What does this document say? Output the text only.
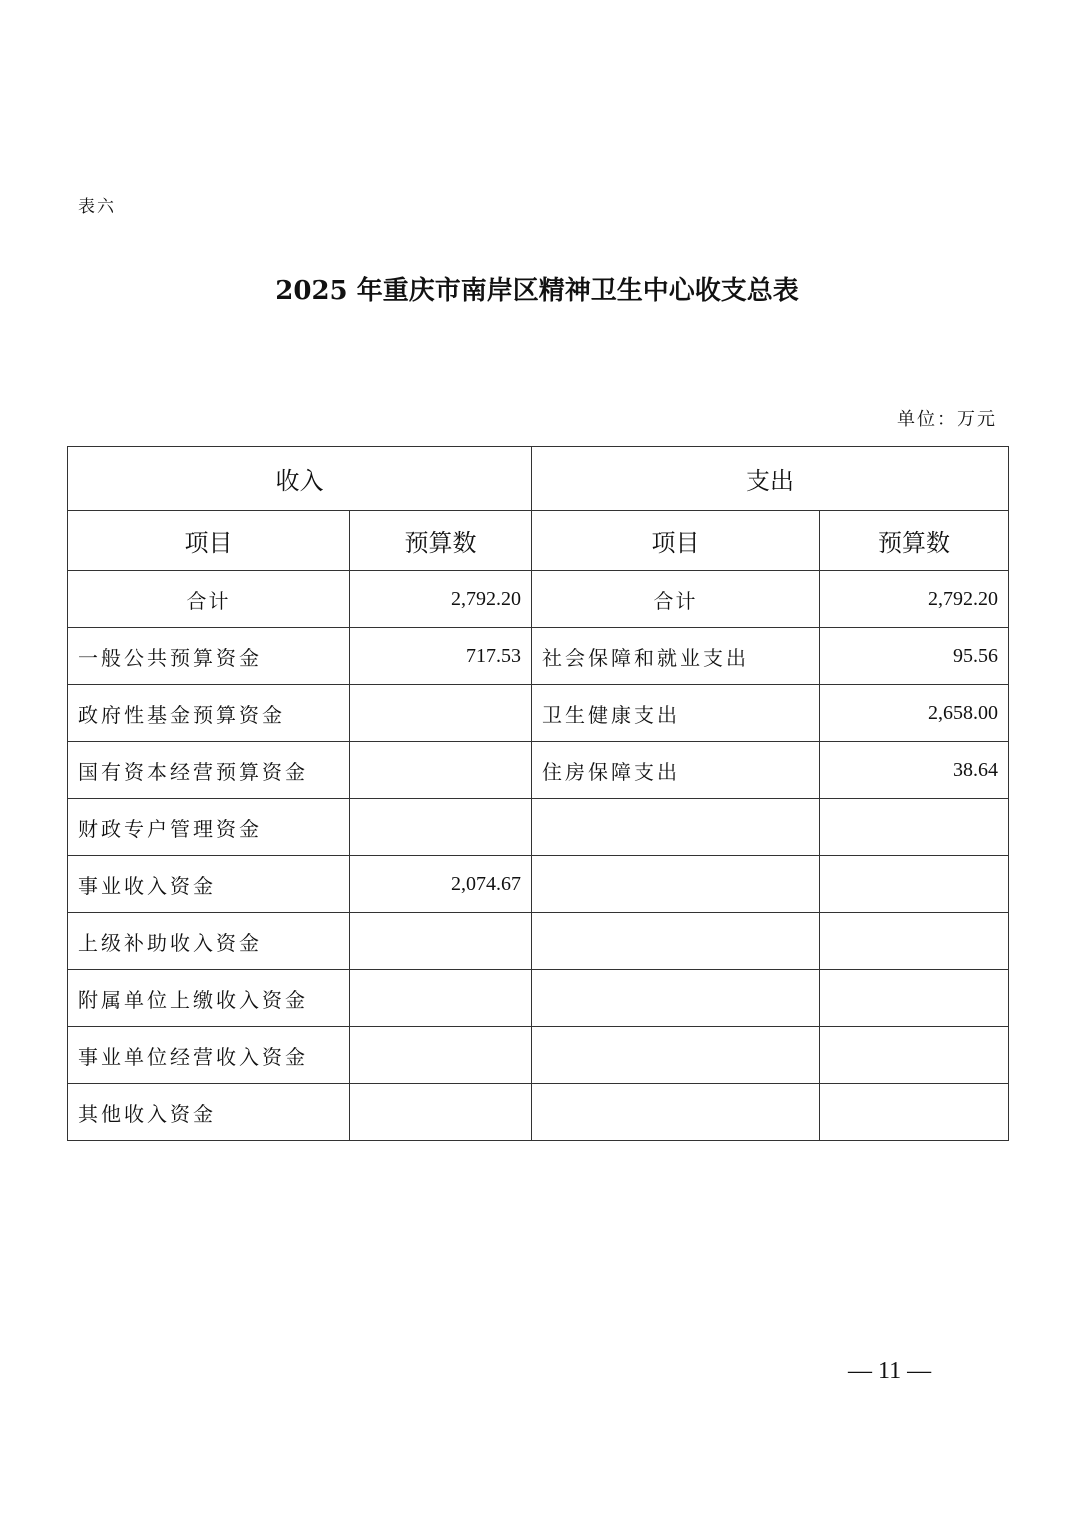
表六
2025 年重庆市南岸区精神卫生中心收支总表
单位：万元
收入		支出	
项目	预算数	项目	预算数
合计	2,792.20	合计	2,792.20
一般公共预算资金	717.53	社会保障和就业支出	95.56
政府性基金预算资金		卫生健康支出	2,658.00
国有资本经营预算资金		住房保障支出	38.64
财政专户管理资金			
事业收入资金	2,074.67		
上级补助收入资金			
附属单位上缴收入资金			
事业单位经营收入资金			
其他收入资金			
— 11 —
